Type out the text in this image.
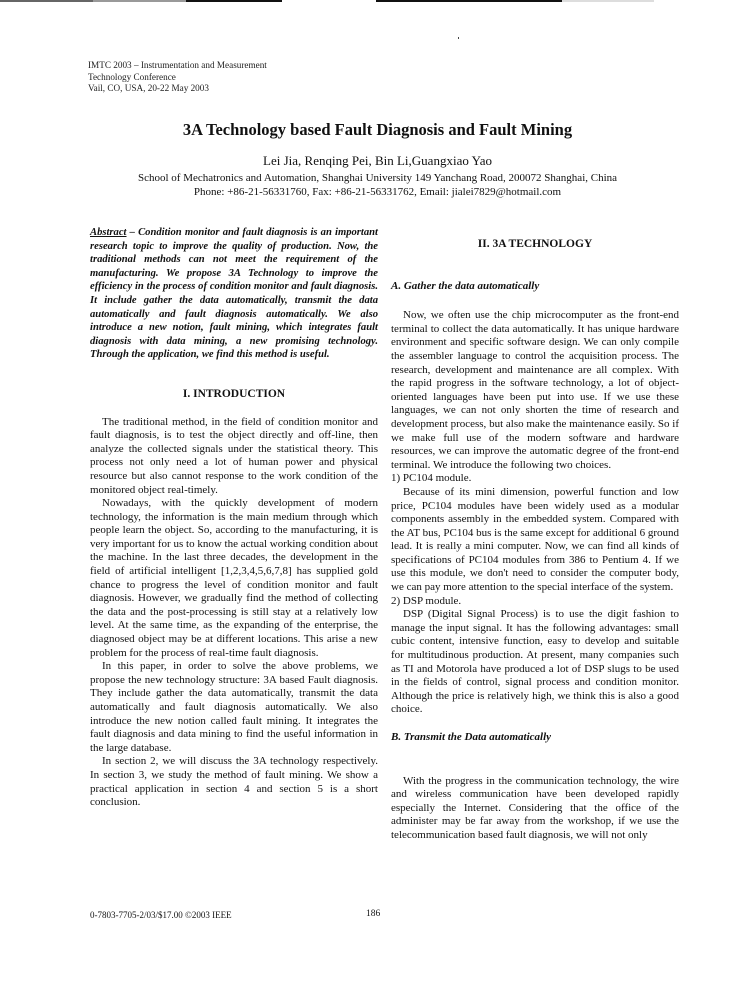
IMTC 2003 – Instrumentation and Measurement
Technology Conference
Vail, CO, USA, 20-22 May 2003
3A Technology based Fault Diagnosis and Fault Mining
Lei Jia, Renqing Pei, Bin Li,Guangxiao Yao
School of Mechatronics and Automation, Shanghai University 149 Yanchang Road, 200072 Shanghai, China
Phone: +86-21-56331760, Fax: +86-21-56331762, Email: jialei7829@hotmail.com

Abstract – Condition monitor and fault diagnosis is an important research topic to improve the quality of production. Now, the traditional methods can not meet the requirement of the manufacturing. We propose 3A Technology to improve the efficiency in the process of condition monitor and fault diagnosis. It include gather the data automatically, transmit the data automatically and fault diagnosis automatically. We also introduce a new notion, fault mining, which integrates fault diagnosis with data mining, a new promising technology. Through the application, we find this method is useful.

I. INTRODUCTION

The traditional method, in the field of condition monitor and fault diagnosis, is to test the object directly and off-line, then analyze the collected signals under the statistical theory. This process not only need a lot of human power and physical resource but also cannot response to the work condition of the monitored object real-timely.

Nowadays, with the quickly development of modern technology, the information is the main medium through which people learn the object. So, according to the manufacturing, it is very important for us to know the actual working condition about the machine. In the last three decades, the development in the field of artificial intelligent [1,2,3,4,5,6,7,8] has supplied gold chance to progress the level of condition monitor and fault diagnosis. However, we gradually find the method of collecting the data and the post-processing is still stay at a relatively low level. At the same time, as the expanding of the enterprise, the diagnosed object may be at different locations. This arise a new problem for the process of real-time fault diagnosis.

In this paper, in order to solve the above problems, we propose the new technology structure: 3A based Fault diagnosis. They include gather the data automatically, transmit the data automatically and fault diagnosis automatically. We also introduce the new notion called fault mining. It integrates the fault diagnosis and data mining to find the useful information in the large database.

In section 2, we will discuss the 3A technology respectively. In section 3, we study the method of fault mining. We show a practical application in section 4 and section 5 is a short conclusion.

II. 3A TECHNOLOGY
A. Gather the data automatically

Now, we often use the chip microcomputer as the front-end terminal to collect the data automatically. It has unique hardware environment and specific software design. We can only compile the assembler language to control the acquisition process. The research, development and maintenance are all complex. With the rapid progress in the software technology, a lot of object-oriented languages have been put into use. If we use these languages, we can not only shorten the time of research and development process, but also make the maintenance easily. So if we make full use of the modern software and hardware resources, we can improve the automatic degree of the front-end terminal. We introduce the following two choices.

1) PC104 module.

Because of its mini dimension, powerful function and low price, PC104 modules have been widely used as a modular components assembly in the embedded system. Compared with the AT bus, PC104 bus is the same except for additional 6 ground lead. It is really a mini computer. Now, we can find all kinds of specifications of PC104 modules from 386 to Pentium 4. If we use this module, we don't need to consider the computer body, we can pay more attention to the special interface of the system.

2) DSP module.

DSP (Digital Signal Process) is to use the digit fashion to manage the input signal. It has the following advantages: small cubic content, intensive function, easy to develop and suitable for multitudinous production. At present, many companies such as TI and Motorola have produced a lot of DSP slugs to be used in the fields of control, signal process and condition monitor. Although the price is relatively high, we think this is also a good choice.

B. Transmit the Data automatically

With the progress in the communication technology, the wire and wireless communication have been developed rapidly especially the Internet. Considering that the office of the administer may be far away from the workshop, if we use the telecommunication based fault diagnosis, we will not only

0-7803-7705-2/03/$17.00 ©2003 IEEE	186
